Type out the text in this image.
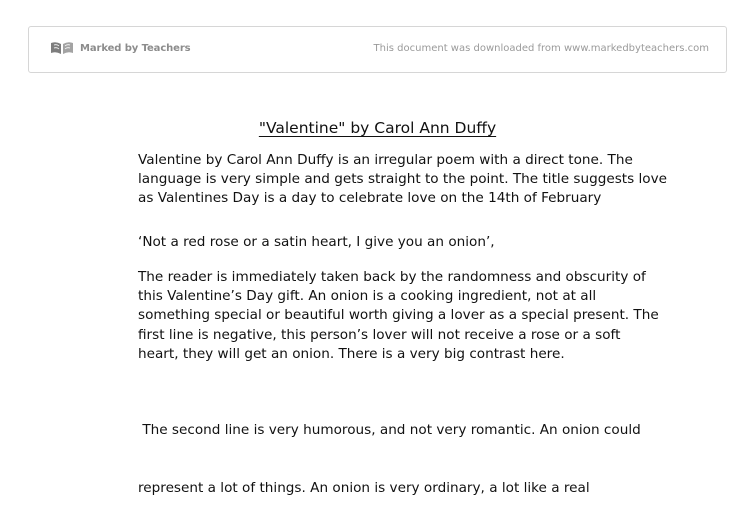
Marked by Teachers	This document was downloaded from www.markedbyteachers.com
"Valentine" by Carol Ann Duffy

Valentine by Carol Ann Duffy is an irregular poem with a direct tone. The
language is very simple and gets straight to the point. The title suggests love
as Valentines Day is a day to celebrate love on the 14th of February

‘Not a red rose or a satin heart, I give you an onion’,

The reader is immediately taken back by the randomness and obscurity of
this Valentine’s Day gift. An onion is a cooking ingredient, not at all
something special or beautiful worth giving a lover as a special present. The
first line is negative, this person’s lover will not receive a rose or a soft
heart, they will get an onion. There is a very big contrast here.

The second line is very humorous, and not very romantic. An onion could

represent a lot of things. An onion is very ordinary, a lot like a real
